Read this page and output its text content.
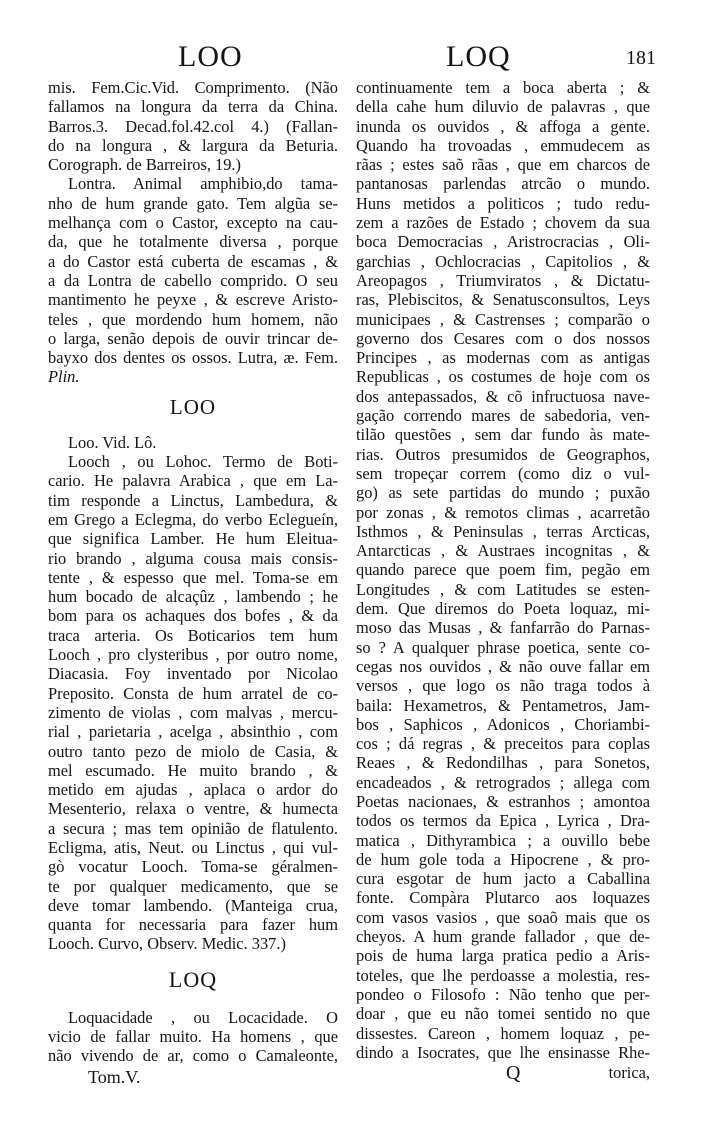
LOO
mis. Fem.Cic.Vid. Comprimento. (Não
fallamos na longura da terra da China.
Barros.3. Decad.fol.42.col 4.) (Fallan-
do na longura , & largura da Beturia.
Corograph. de Barreiros, 19.)
Lontra. Animal amphibio,do tama-
nho de hum grande gato. Tem algũa se-
melhança com o Castor, excepto na cau-
da, que he totalmente diversa , porque
a do Castor está cuberta de escamas , &
a da Lontra de cabello comprido. O seu
mantimento he peyxe , & escreve Aristo-
teles , que mordendo hum homem, não
o larga, senão depois de ouvir trincar de-
bayxo dos dentes os ossos. Lutra, æ. Fem.
Plin.
LOO
Loo. Vid. Lô.
Looch , ou Lohoc. Termo de Boti-
cario. He palavra Arabica , que em La-
tim responde a Linctus, Lambedura, &
em Grego a Eclegma, do verbo Eclegueín,
que significa Lamber. He hum Eleitua-
rio brando , alguma cousa mais consis-
tente , & espesso que mel. Toma-se em
hum bocado de alcaçûz , lambendo ; he
bom para os achaques dos bofes , & da
traca arteria. Os Boticarios tem hum
Looch , pro clysteribus , por outro nome,
Diacasia. Foy inventado por Nicolao
Preposito. Consta de hum arratel de co-
zimento de violas , com malvas , mercu-
rial , parietaria , acelga , absinthio , com
outro tanto pezo de miolo de Casia, &
mel escumado. He muito brando , &
metido em ajudas , aplaca o ardor do
Mesenterio, relaxa o ventre, & humecta
a secura ; mas tem opinião de flatulento.
Ecligma, atis, Neut. ou Linctus , qui vul-
gò vocatur Looch. Toma-se géralmen-
te por qualquer medicamento, que se
deve tomar lambendo. (Manteiga crua,
quanta for necessaria para fazer hum
Looch. Curvo, Observ. Medic. 337.)
LOQ
Loquacidade , ou Locacidade. O
vicio de fallar muito. Ha homens , que
não vivendo de ar, como o Camaleonte,
Tom.V.
LOQ	181
continuamente tem a boca aberta ; &
della cahe hum diluvio de palavras , que
inunda os ouvidos , & affoga a gente.
Quando ha trovoadas , emmudecem as
rãas ; estes saõ rãas , que em charcos de
pantanosas parlendas atrcão o mundo.
Huns metidos a politicos ; tudo redu-
zem a razões de Estado ; chovem da sua
boca Democracias , Aristrocracias , Oli-
garchias , Ochlocracias , Capitolios , &
Areopagos , Triumviratos , & Dictatu-
ras, Plebiscitos, & Senatusconsultos, Leys
municipaes , & Castrenses ; comparão o
governo dos Cesares com o dos nossos
Principes , as modernas com as antigas
Republicas , os costumes de hoje com os
dos antepassados, & cõ infructuosa nave-
gação correndo mares de sabedoria, ven-
tilão questões , sem dar fundo às mate-
rias. Outros presumidos de Geographos,
sem tropeçar correm (como diz o vul-
go) as sete partidas do mundo ; puxão
por zonas , & remotos climas , acarretão
Isthmos , & Peninsulas , terras Arcticas,
Antarcticas , & Austraes incognitas , &
quando parece que poem fim, pegão em
Longitudes , & com Latitudes se esten-
dem. Que diremos do Poeta loquaz, mi-
moso das Musas , & fanfarrão do Parnas-
so ? A qualquer phrase poetica, sente co-
cegas nos ouvidos , & não ouve fallar em
versos , que logo os não traga todos à
baila: Hexametros, & Pentametros, Jam-
bos , Saphicos , Adonicos , Choriambi-
cos ; dá regras , & preceitos para coplas
Reaes , & Redondilhas , para Sonetos,
encadeados , & retrogrados ; allega com
Poetas nacionaes, & estranhos ; amontoa
todos os termos da Epica , Lyrica , Dra-
matica , Dithyrambica ; a ouvillo bebe
de hum gole toda a Hipocrene , & pro-
cura esgotar de hum jacto a Caballina
fonte. Compàra Plutarco aos loquazes
com vasos vasios , que soaõ mais que os
cheyos. A hum grande fallador , que de-
pois de huma larga pratica pedio a Aris-
toteles, que lhe perdoasse a molestia, res-
pondeo o Filosofo : Não tenho que per-
doar , que eu não tomei sentido no que
dissestes. Careon , homem loquaz , pe-
dindo a Isocrates, que lhe ensinasse Rhe-
Q	torica,
